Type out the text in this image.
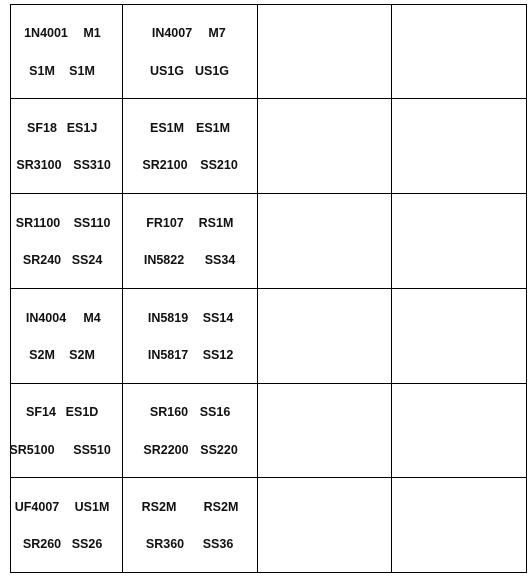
1N4001 M1
S1M S1M
IN4007 M7
US1G US1G
SF18 ES1J
SR3100 SS310
ES1M ES1M
SR2100 SS210
SR1100 SS110
SR240 SS24
FR107 RS1M
IN5822 SS34
IN4004 M4
S2M S2M
IN5819 SS14
IN5817 SS12
SF14 ES1D
SR5100 SS510
SR160 SS16
SR2200 SS220
UF4007 US1M
SR260 SS26
RS2M RS2M
SR360 SS36
